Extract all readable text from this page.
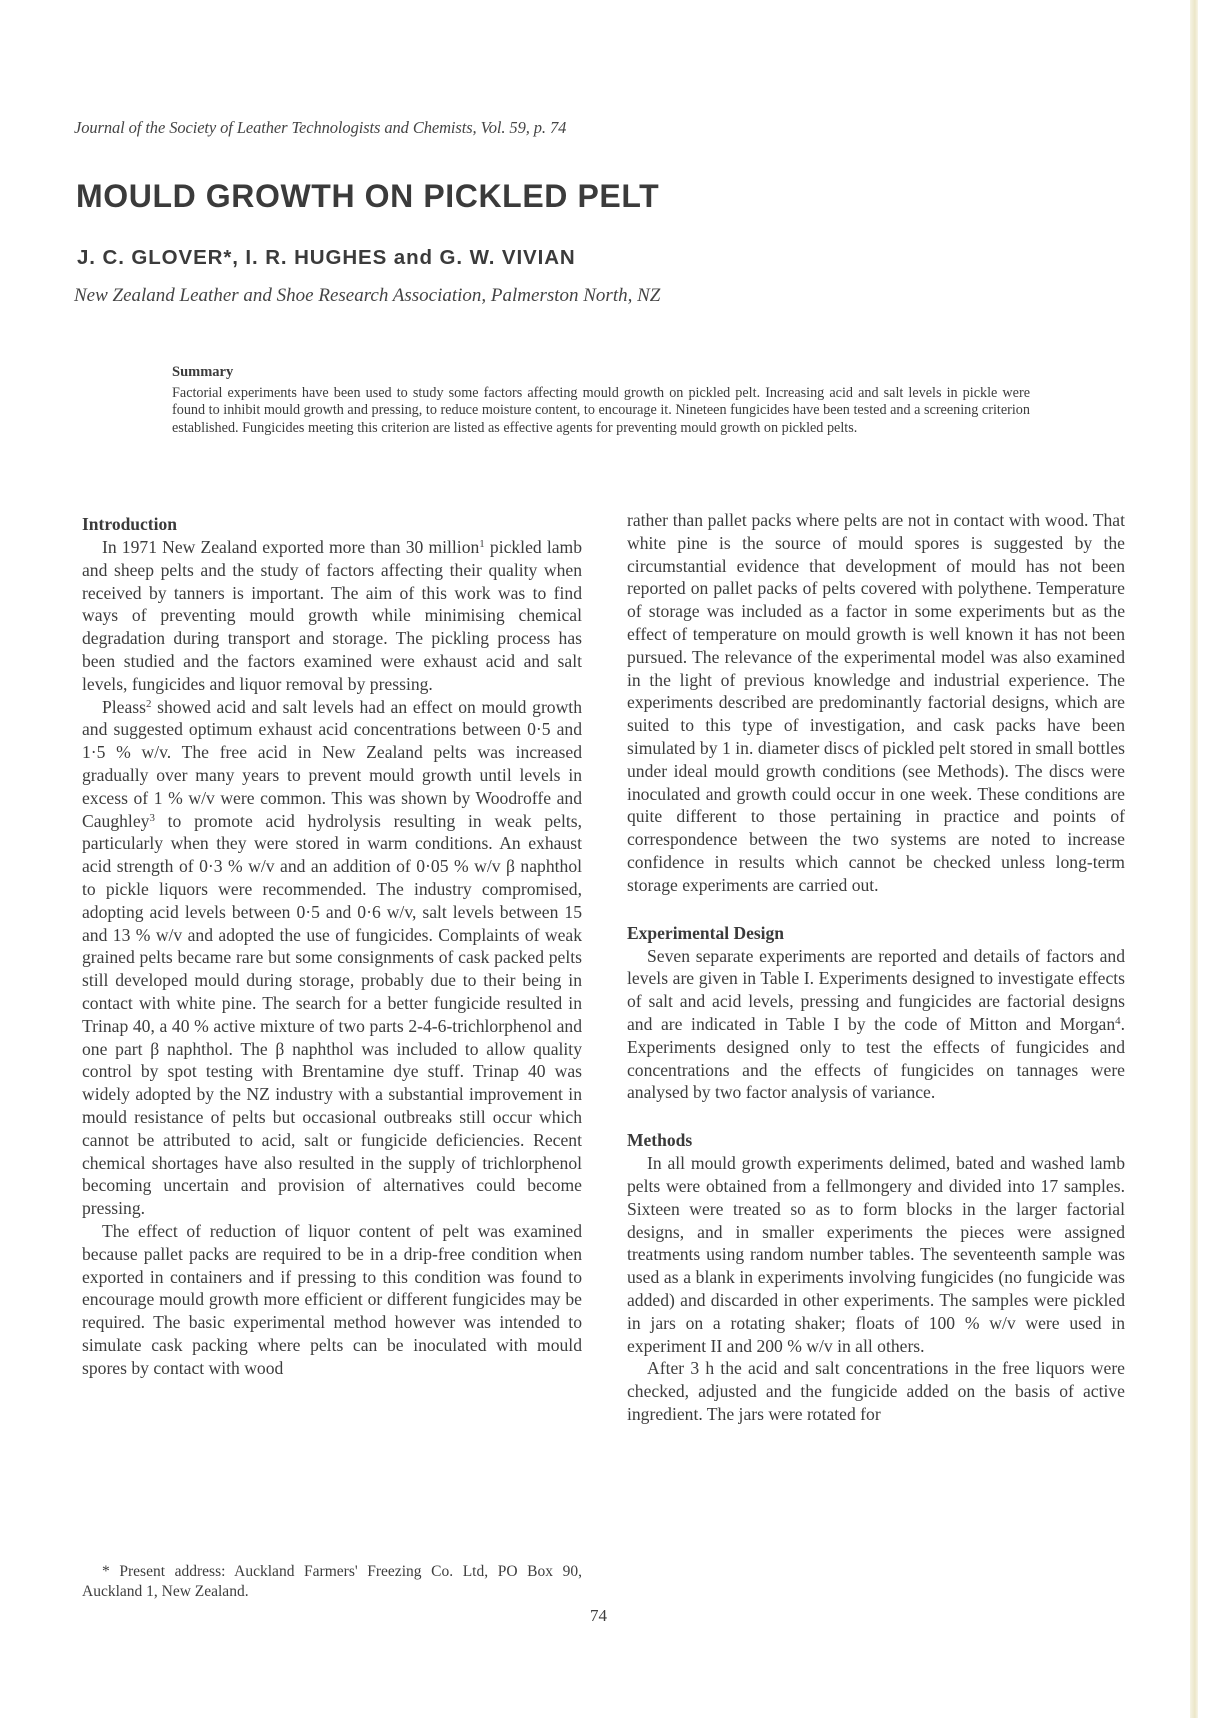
Journal of the Society of Leather Technologists and Chemists, Vol. 59, p. 74
MOULD GROWTH ON PICKLED PELT
J. C. GLOVER*, I. R. HUGHES and G. W. VIVIAN
New Zealand Leather and Shoe Research Association, Palmerston North, NZ
Summary

Factorial experiments have been used to study some factors affecting mould growth on pickled pelt. Increasing acid and salt levels in pickle were found to inhibit mould growth and pressing, to reduce moisture content, to encourage it. Nineteen fungicides have been tested and a screening criterion established. Fungicides meeting this criterion are listed as effective agents for preventing mould growth on pickled pelts.

Introduction

In 1971 New Zealand exported more than 30 million$^1$ pickled lamb and sheep pelts and the study of factors affecting their quality when received by tanners is important. The aim of this work was to find ways of preventing mould growth while minimising chemical degradation during transport and storage. The pickling process has been studied and the factors examined were exhaust acid and salt levels, fungicides and liquor removal by pressing.

Pleass$^2$ showed acid and salt levels had an effect on mould growth and suggested optimum exhaust acid concentrations between 0·5 and 1·5 % w/v. The free acid in New Zealand pelts was increased gradually over many years to prevent mould growth until levels in excess of 1 % w/v were common. This was shown by Woodroffe and Caughley$^3$ to promote acid hydrolysis resulting in weak pelts, particularly when they were stored in warm conditions. An exhaust acid strength of 0·3 % w/v and an addition of 0·05 % w/v β naphthol to pickle liquors were recommended. The industry compromised, adopting acid levels between 0·5 and 0·6 w/v, salt levels between 15 and 13 % w/v and adopted the use of fungicides. Complaints of weak grained pelts became rare but some consignments of cask packed pelts still developed mould during storage, probably due to their being in contact with white pine. The search for a better fungicide resulted in Trinap 40, a 40 % active mixture of two parts 2-4-6-trichlorphenol and one part β naphthol. The β naphthol was included to allow quality control by spot testing with Brentamine dye stuff. Trinap 40 was widely adopted by the NZ industry with a substantial improvement in mould resistance of pelts but occasional outbreaks still occur which cannot be attributed to acid, salt or fungicide deficiencies. Recent chemical shortages have also resulted in the supply of trichlorphenol becoming uncertain and provision of alternatives could become pressing.

The effect of reduction of liquor content of pelt was examined because pallet packs are required to be in a drip-free condition when exported in containers and if pressing to this condition was found to encourage mould growth more efficient or different fungicides may be required. The basic experimental method however was intended to simulate cask packing where pelts can be inoculated with mould spores by contact with wood

* Present address: Auckland Farmers' Freezing Co. Ltd, PO Box 90, Auckland 1, New Zealand.

rather than pallet packs where pelts are not in contact with wood. That white pine is the source of mould spores is suggested by the circumstantial evidence that development of mould has not been reported on pallet packs of pelts covered with polythene. Temperature of storage was included as a factor in some experiments but as the effect of temperature on mould growth is well known it has not been pursued. The relevance of the experimental model was also examined in the light of previous knowledge and industrial experience. The experiments described are predominantly factorial designs, which are suited to this type of investigation, and cask packs have been simulated by 1 in. diameter discs of pickled pelt stored in small bottles under ideal mould growth conditions (see Methods). The discs were inoculated and growth could occur in one week. These conditions are quite different to those pertaining in practice and points of correspondence between the two systems are noted to increase confidence in results which cannot be checked unless long-term storage experiments are carried out.

Experimental Design

Seven separate experiments are reported and details of factors and levels are given in Table I. Experiments designed to investigate effects of salt and acid levels, pressing and fungicides are factorial designs and are indicated in Table I by the code of Mitton and Morgan$^4$. Experiments designed only to test the effects of fungicides and concentrations and the effects of fungicides on tannages were analysed by two factor analysis of variance.

Methods

In all mould growth experiments delimed, bated and washed lamb pelts were obtained from a fellmongery and divided into 17 samples. Sixteen were treated so as to form blocks in the larger factorial designs, and in smaller experiments the pieces were assigned treatments using random number tables. The seventeenth sample was used as a blank in experiments involving fungicides (no fungicide was added) and discarded in other experiments. The samples were pickled in jars on a rotating shaker; floats of 100 % w/v were used in experiment II and 200 % w/v in all others.

After 3 h the acid and salt concentrations in the free liquors were checked, adjusted and the fungicide added on the basis of active ingredient. The jars were rotated for

74
